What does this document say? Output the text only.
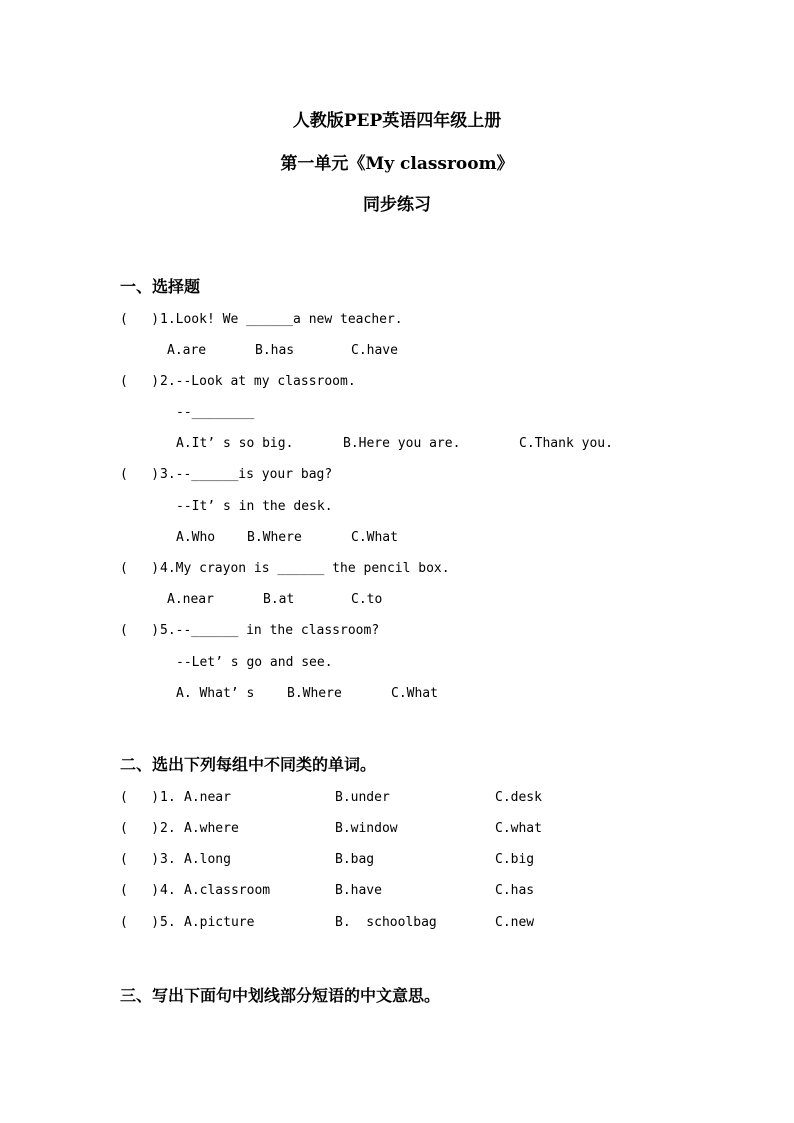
人教版PEP英语四年级上册
第一单元《My classroom》
同步练习
一、选择题
(   ) 1.Look! We ______a new teacher.
A.are	B.has	C.have
(   ) 2.--Look at my classroom.
--________
A.It’ s so big.	B.Here you are.	C.Thank you.
(   ) 3.--______is your bag?
--It’ s in the desk.
A.Who B.Where	C.What
(   ) 4.My crayon is ______ the pencil box.
A.near	B.at	C.to
(   ) 5.--______ in the classroom?
--Let’ s go and see.
A. What’ s	B.Where	C.What
二、选出下列每组中不同类的单词。
(   ) 1. A.near	B.under	C.desk
(   ) 2. A.where	B.window	C.what
(   ) 3. A.long	B.bag	C.big
(   ) 4. A.classroom	B.have	C.has
(   ) 5. A.picture	B.  schoolbag	C.new
三、写出下面句中划线部分短语的中文意思。
